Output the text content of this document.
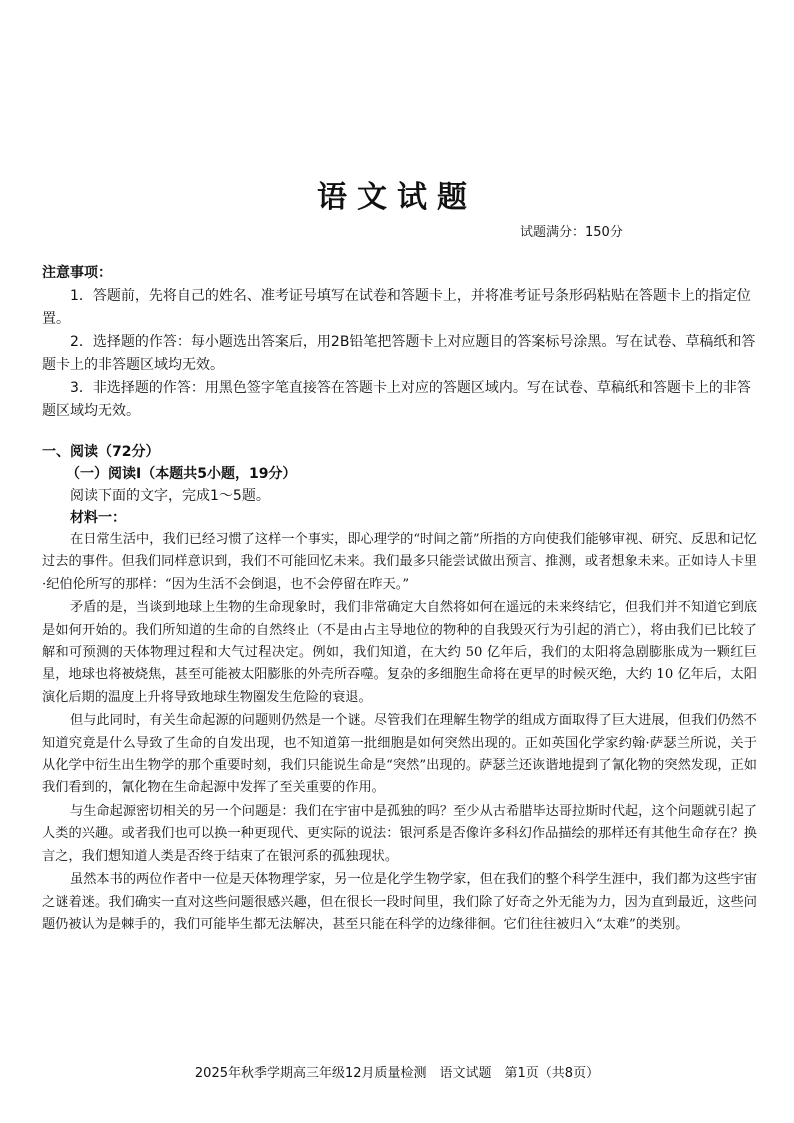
语文试题
试题满分：150分
注意事项：

1．答题前，先将自己的姓名、准考证号填写在试卷和答题卡上，并将准考证号条形码粘贴在答题卡上的指定位置。

2．选择题的作答：每小题选出答案后，用2B铅笔把答题卡上对应题目的答案标号涂黑。写在试卷、草稿纸和答题卡上的非答题区域均无效。

3．非选择题的作答：用黑色签字笔直接答在答题卡上对应的答题区域内。写在试卷、草稿纸和答题卡上的非答题区域均无效。

一、阅读（72分）
（一）阅读Ⅰ（本题共5小题，19分）
阅读下面的文字，完成1～5题。
材料一：

在日常生活中，我们已经习惯了这样一个事实，即心理学的“时间之箭”所指的方向使我们能够审视、研究、反思和记忆过去的事件。但我们同样意识到，我们不可能回忆未来。我们最多只能尝试做出预言、推测，或者想象未来。正如诗人卡里·纪伯伦所写的那样：“因为生活不会倒退，也不会停留在昨天。”

矛盾的是，当谈到地球上生物的生命现象时，我们非常确定大自然将如何在遥远的未来终结它，但我们并不知道它到底是如何开始的。我们所知道的生命的自然终止（不是由占主导地位的物种的自我毁灭行为引起的消亡），将由我们已比较了解和可预测的天体物理过程和大气过程决定。例如，我们知道，在大约 50 亿年后，我们的太阳将急剧膨胀成为一颗红巨星，地球也将被烧焦，甚至可能被太阳膨胀的外壳所吞噬。复杂的多细胞生命将在更早的时候灭绝，大约 10 亿年后，太阳演化后期的温度上升将导致地球生物圈发生危险的衰退。

但与此同时，有关生命起源的问题则仍然是一个谜。尽管我们在理解生物学的组成方面取得了巨大进展，但我们仍然不知道究竟是什么导致了生命的自发出现，也不知道第一批细胞是如何突然出现的。正如英国化学家约翰·萨瑟兰所说，关于从化学中衍生出生物学的那个重要时刻，我们只能说生命是“突然”出现的。萨瑟兰还诙谐地提到了氰化物的突然发现，正如我们看到的，氰化物在生命起源中发挥了至关重要的作用。

与生命起源密切相关的另一个问题是：我们在宇宙中是孤独的吗？至少从古希腊毕达哥拉斯时代起，这个问题就引起了人类的兴趣。或者我们也可以换一种更现代、更实际的说法：银河系是否像许多科幻作品描绘的那样还有其他生命存在？换言之，我们想知道人类是否终于结束了在银河系的孤独现状。

虽然本书的两位作者中一位是天体物理学家，另一位是化学生物学家，但在我们的整个科学生涯中，我们都为这些宇宙之谜着迷。我们确实一直对这些问题很感兴趣，但在很长一段时间里，我们除了好奇之外无能为力，因为直到最近，这些问题仍被认为是棘手的，我们可能毕生都无法解决，甚至只能在科学的边缘徘徊。它们往往被归入“太难”的类别。

2025年秋季学期高三年级12月质量检测　语文试题　第1页（共8页）
